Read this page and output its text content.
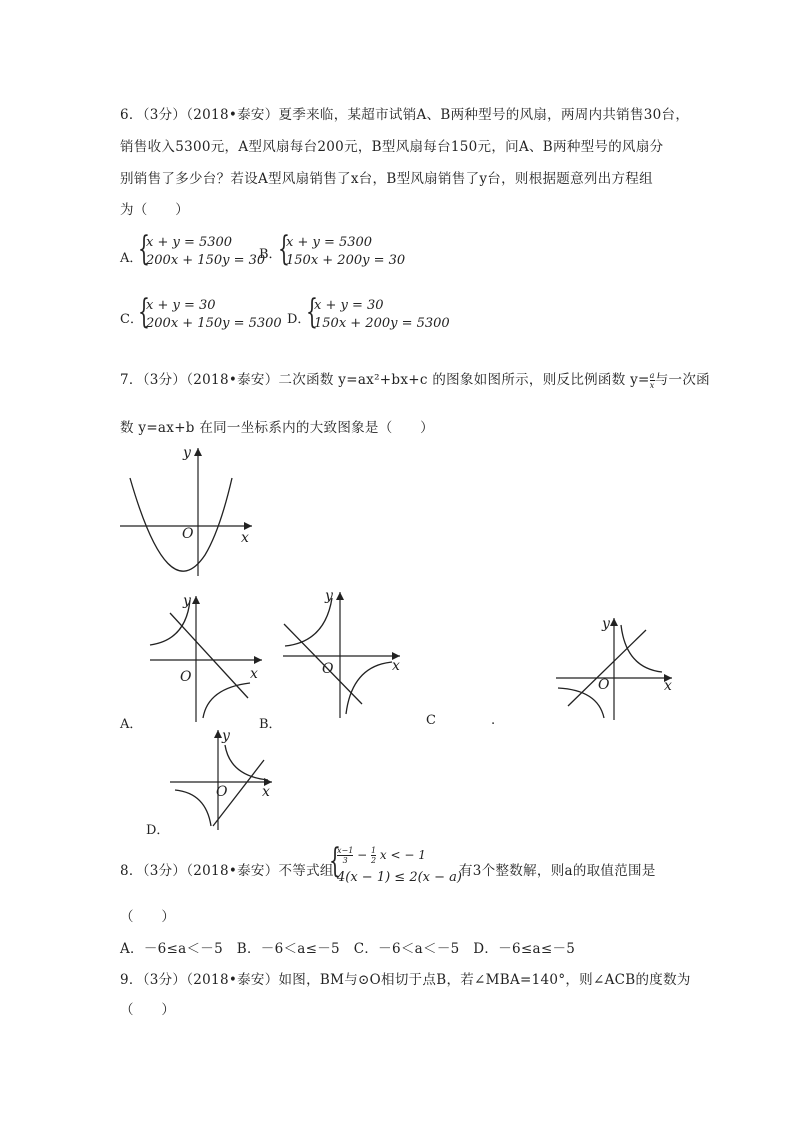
6．（3分）（2018•泰安）夏季来临，某超市试销A、B两种型号的风扇，两周内共销售30台，
销售收入5300元，A型风扇每台200元，B型风扇每台150元，问A、B两种型号的风扇分
别销售了多少台？若设A型风扇销售了x台，B型风扇销售了y台，则根据题意列出方程组
为（　　）
A．
{
x + y = 5300
200x + 150y = 30
B．
{
x + y = 5300
150x + 200y = 30
C．
{
x + y = 30
200x + 150y = 5300 D．
{
x + y = 30
150x + 200y = 5300
7．（3分）（2018•泰安）二次函数 y=ax²+bx+c 的图象如图所示，则反比例函数 $y= \frac{a}{x}$ 与一次函
数 y=ax+b 在同一坐标系内的大致图象是（　　）
y
x
O
y
x
O
y
x
O
y
x
O
y
x
O
A．	B．	C	.
D．
8．（3分）（2018•泰安）不等式组
{
$\frac{x-1}{3} - \frac{1}{2}$ x < − 1
4(x − 1) ≤ 2(x − a)
有3个整数解，则a的取值范围是
（　　）
A．－6≤a＜－5　B．－6＜a≤－5　C．－6＜a＜－5　D．－6≤a≤－5
9．（3分）（2018•泰安）如图，BM与⊙O相切于点B，若∠MBA=140°，则∠ACB的度数为
（　　）
